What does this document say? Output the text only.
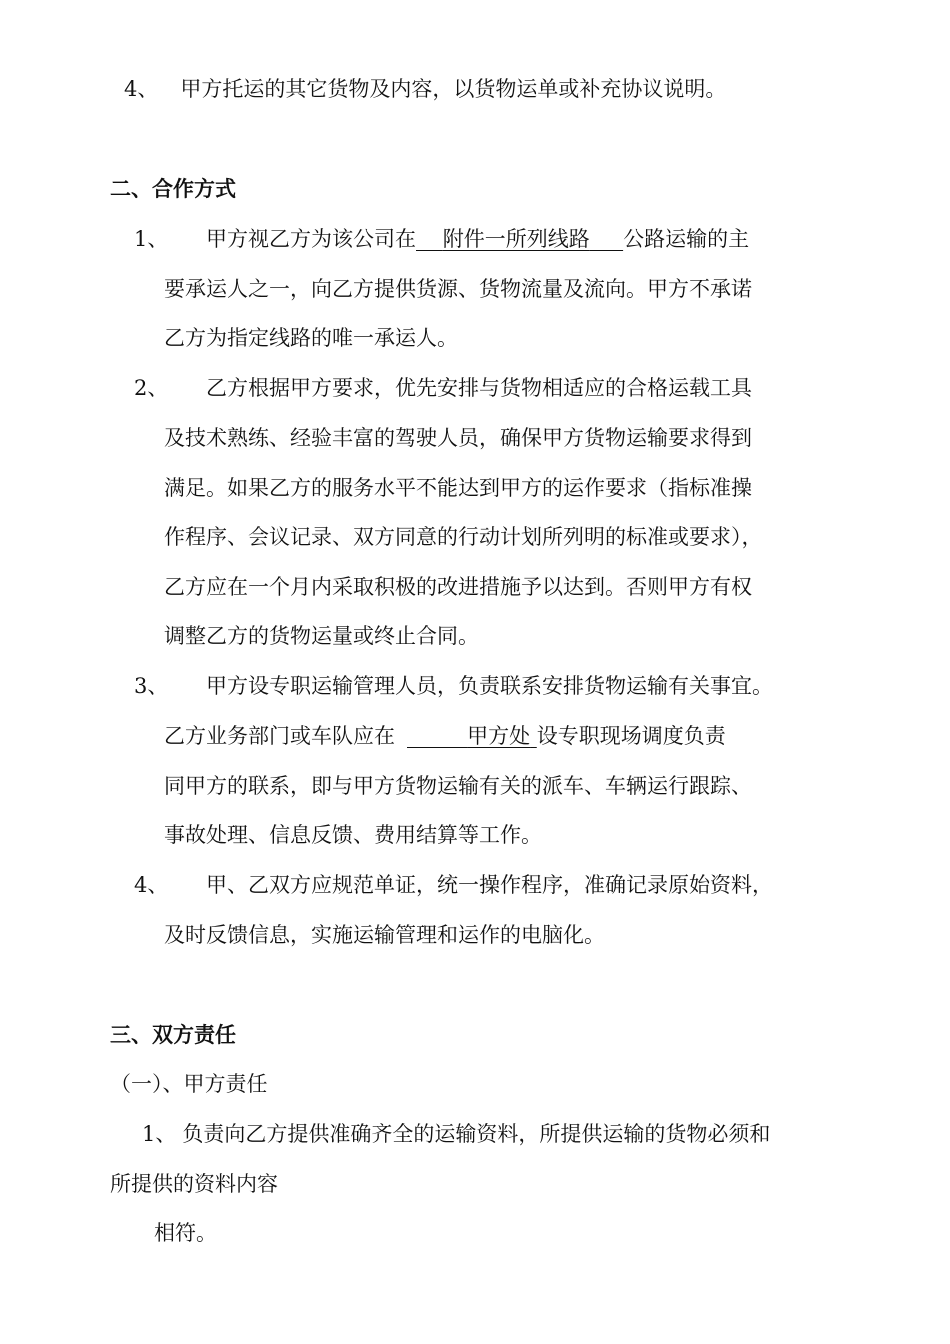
4、 甲方托运的其它货物及内容，以货物运单或补充协议说明。
二、合作方式
1、 甲方视乙方为该公司在 附件一所列线路 公路运输的主
要承运人之一，向乙方提供货源、货物流量及流向。甲方不承诺
乙方为指定线路的唯一承运人。
2、 乙方根据甲方要求，优先安排与货物相适应的合格运载工具
及技术熟练、经验丰富的驾驶人员，确保甲方货物运输要求得到
满足。如果乙方的服务水平不能达到甲方的运作要求（指标准操
作程序、会议记录、双方同意的行动计划所列明的标准或要求），
乙方应在一个月内采取积极的改进措施予以达到。否则甲方有权
调整乙方的货物运量或终止合同。
3、 甲方设专职运输管理人员，负责联系安排货物运输有关事宜。
乙方业务部门或车队应在	甲方处 设专职现场调度负责
同甲方的联系，即与甲方货物运输有关的派车、车辆运行跟踪、
事故处理、信息反馈、费用结算等工作。
4、 甲、乙双方应规范单证，统一操作程序，准确记录原始资料，
及时反馈信息，实施运输管理和运作的电脑化。
三、双方责任
（一）、甲方责任
1、 负责向乙方提供准确齐全的运输资料，所提供运输的货物必须和
所提供的资料内容
相符。
